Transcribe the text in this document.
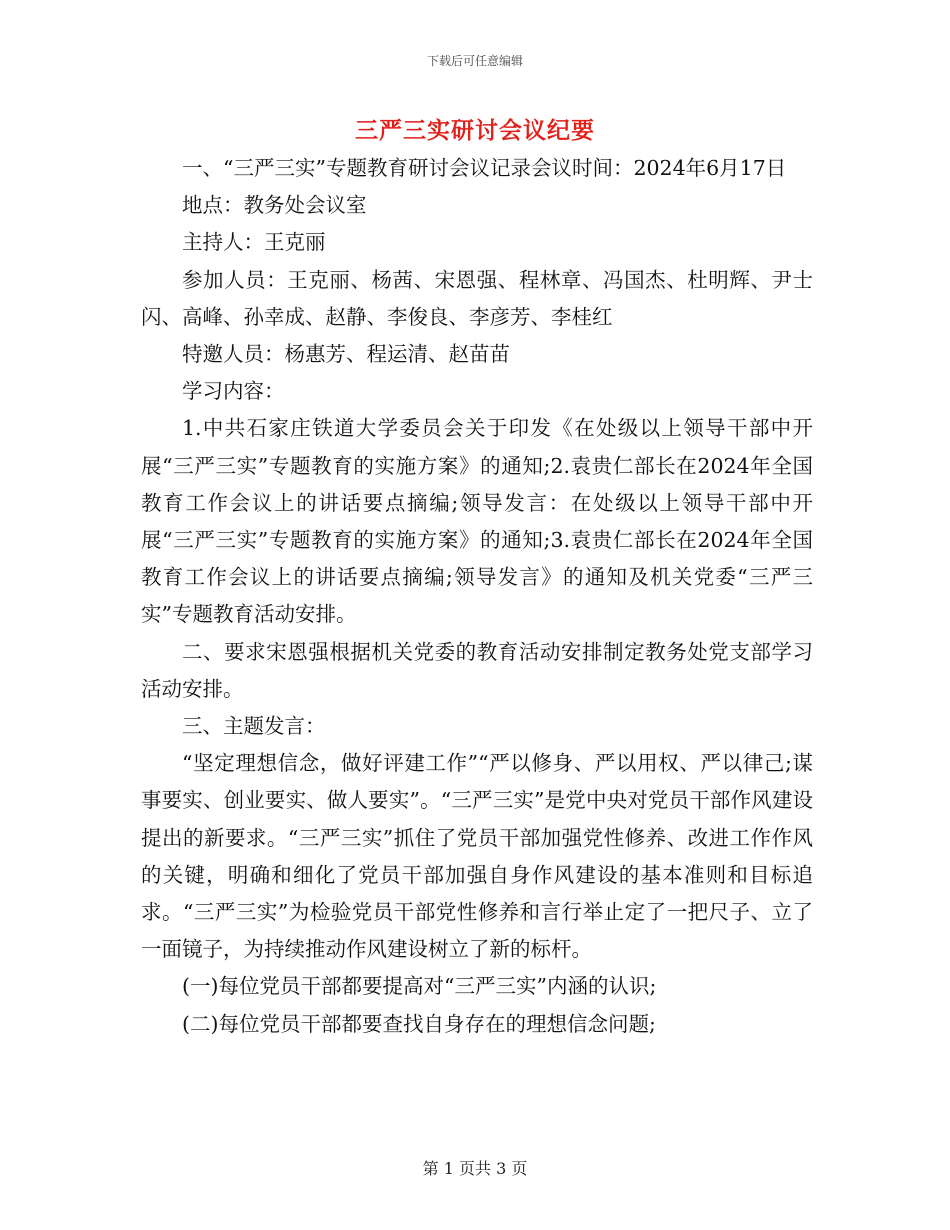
下载后可任意编辑
三严三实研讨会议纪要

一、“三严三实”专题教育研讨会议记录会议时间：2024年6月17日

地点：教务处会议室

主持人：王克丽

参加人员：王克丽、杨茜、宋恩强、程林章、冯国杰、杜明辉、尹士闪、高峰、孙幸成、赵静、李俊良、李彦芳、李桂红

特邀人员：杨惠芳、程运清、赵苗苗

学习内容：

1.中共石家庄铁道大学委员会关于印发《在处级以上领导干部中开展“三严三实”专题教育的实施方案》的通知;2.袁贵仁部长在2024年全国教育工作会议上的讲话要点摘编;领导发言：在处级以上领导干部中开展“三严三实”专题教育的实施方案》的通知;3.袁贵仁部长在2024年全国教育工作会议上的讲话要点摘编;领导发言》的通知及机关党委“三严三实”专题教育活动安排。

二、要求宋恩强根据机关党委的教育活动安排制定教务处党支部学习活动安排。

三、主题发言：

“坚定理想信念，做好评建工作”“严以修身、严以用权、严以律己;谋事要实、创业要实、做人要实”。“三严三实”是党中央对党员干部作风建设提出的新要求。“三严三实”抓住了党员干部加强党性修养、改进工作作风的关键，明确和细化了党员干部加强自身作风建设的基本准则和目标追求。“三严三实”为检验党员干部党性修养和言行举止定了一把尺子、立了一面镜子，为持续推动作风建设树立了新的标杆。

(一)每位党员干部都要提高对“三严三实”内涵的认识;

(二)每位党员干部都要查找自身存在的理想信念问题;

第 1 页共 3 页
